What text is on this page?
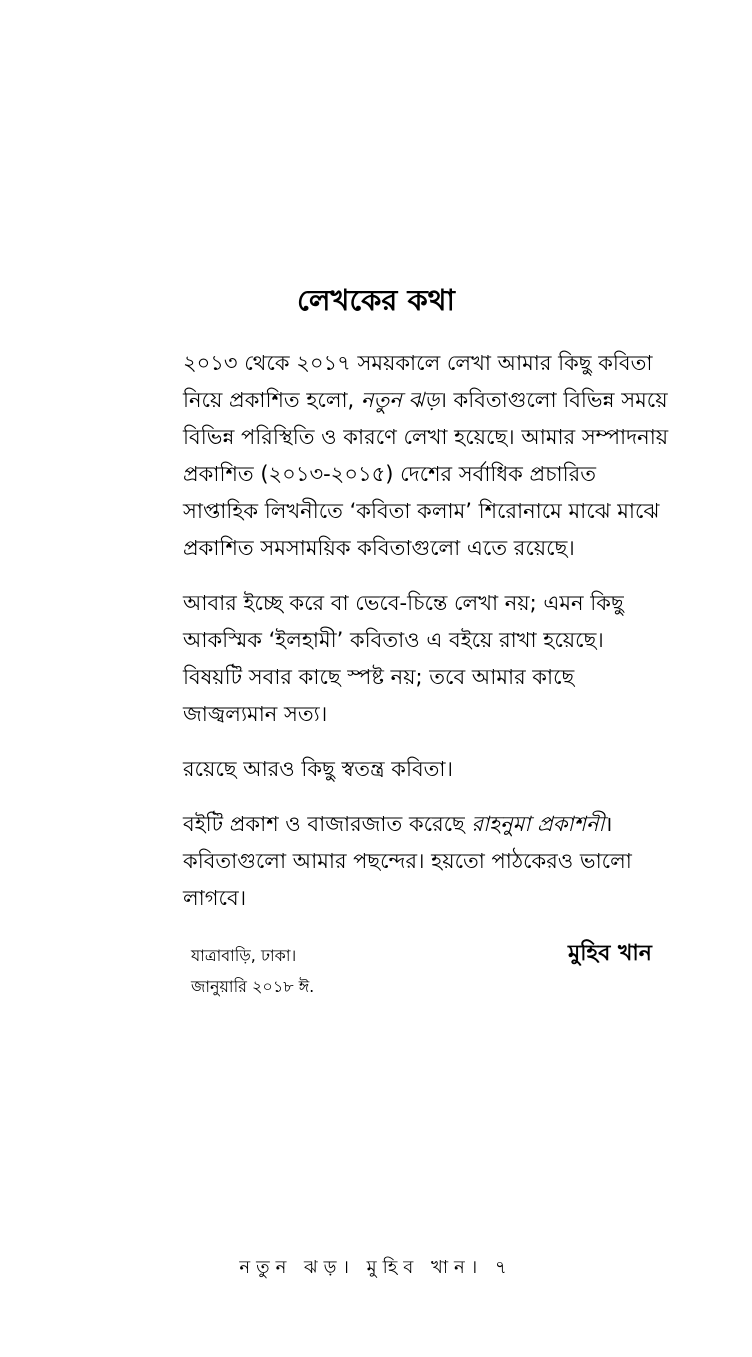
লেখকের কথা

২০১৩ থেকে ২০১৭ সময়কালে লেখা আমার কিছু কবিতা
নিয়ে প্রকাশিত হলো, নতুন ঝড়। কবিতাগুলো বিভিন্ন সময়ে
বিভিন্ন পরিস্থিতি ও কারণে লেখা হয়েছে। আমার সম্পাদনায়
প্রকাশিত (২০১৩-২০১৫) দেশের সর্বাধিক প্রচারিত
সাপ্তাহিক লিখনীতে ‘কবিতা কলাম’ শিরোনামে মাঝে মাঝে
প্রকাশিত সমসাময়িক কবিতাগুলো এতে রয়েছে।

আবার ইচ্ছে করে বা ভেবে-চিন্তে লেখা নয়; এমন কিছু
আকস্মিক ‘ইলহামী’ কবিতাও এ বইয়ে রাখা হয়েছে।
বিষয়টি সবার কাছে স্পষ্ট নয়; তবে আমার কাছে
জাজ্বল্যমান সত্য।

রয়েছে আরও কিছু স্বতন্ত্র কবিতা।

বইটি প্রকাশ ও বাজারজাত করেছে রাহনুমা প্রকাশনী।
কবিতাগুলো আমার পছন্দের। হয়তো পাঠকেরও ভালো
লাগবে।

যাত্রাবাড়ি, ঢাকা।
জানুয়ারি ২০১৮ ঈ.
মুহিব খান
নতুন ঝড়। মুহিব খান। ৭
